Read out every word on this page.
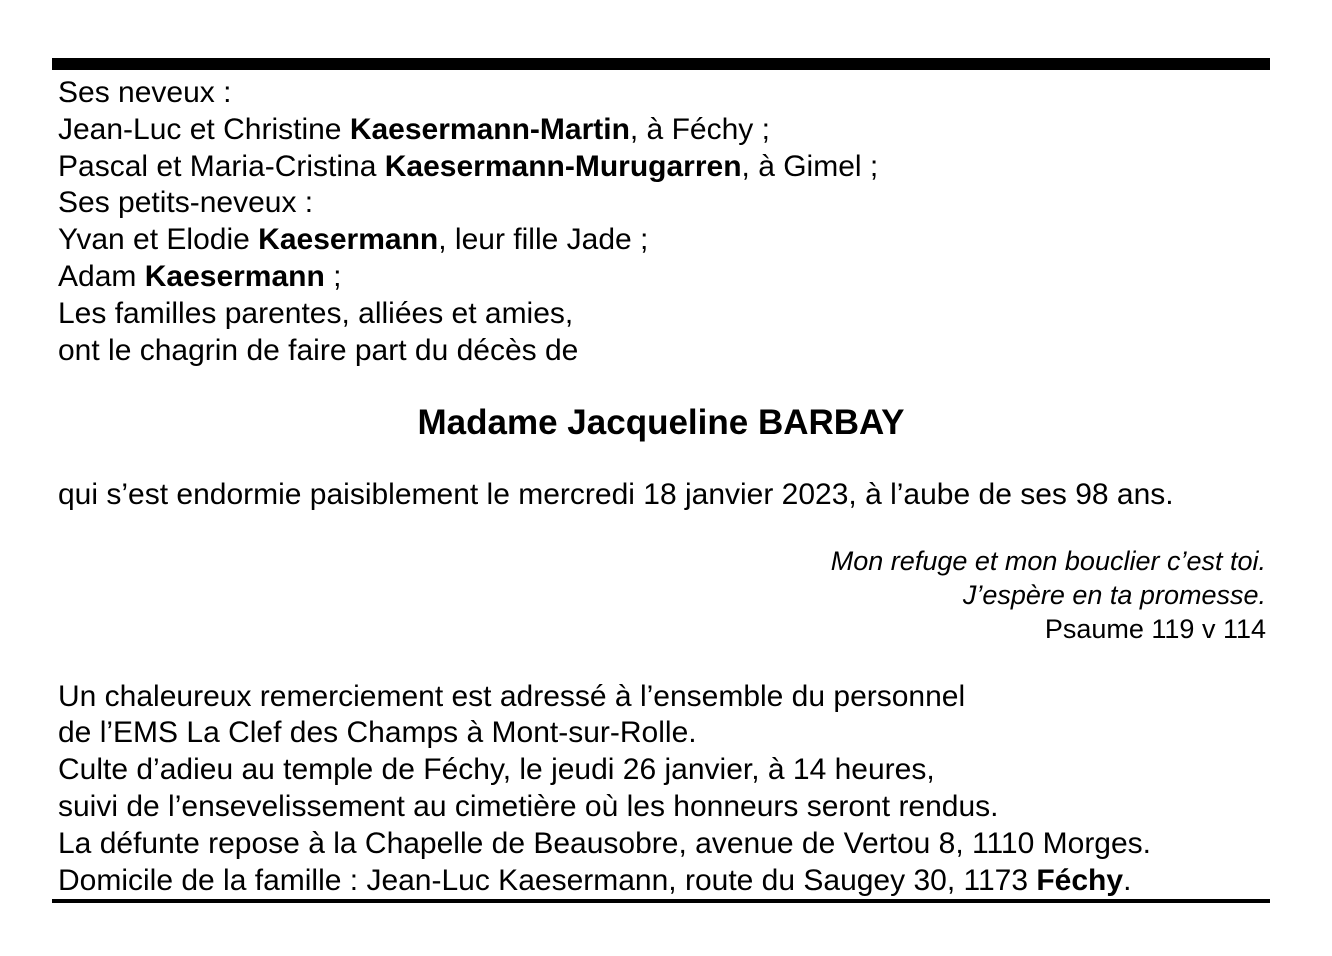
Ses neveux :
Jean-Luc et Christine Kaesermann-Martin, à Féchy ;
Pascal et Maria-Cristina Kaesermann-Murugarren, à Gimel ;
Ses petits-neveux :
Yvan et Elodie Kaesermann, leur fille Jade ;
Adam Kaesermann ;
Les familles parentes, alliées et amies,
ont le chagrin de faire part du décès de
Madame Jacqueline BARBAY
qui s’est endormie paisiblement le mercredi 18 janvier 2023, à l’aube de ses 98 ans.
Mon refuge et mon bouclier c’est toi.
J’espère en ta promesse.
Psaume 119 v 114
Un chaleureux remerciement est adressé à l’ensemble du personnel
de l’EMS La Clef des Champs à Mont-sur-Rolle.
Culte d’adieu au temple de Féchy, le jeudi 26 janvier, à 14 heures,
suivi de l’ensevelissement au cimetière où les honneurs seront rendus.
La défunte repose à la Chapelle de Beausobre, avenue de Vertou 8, 1110 Morges.
Domicile de la famille : Jean-Luc Kaesermann, route du Saugey 30, 1173 Féchy.
